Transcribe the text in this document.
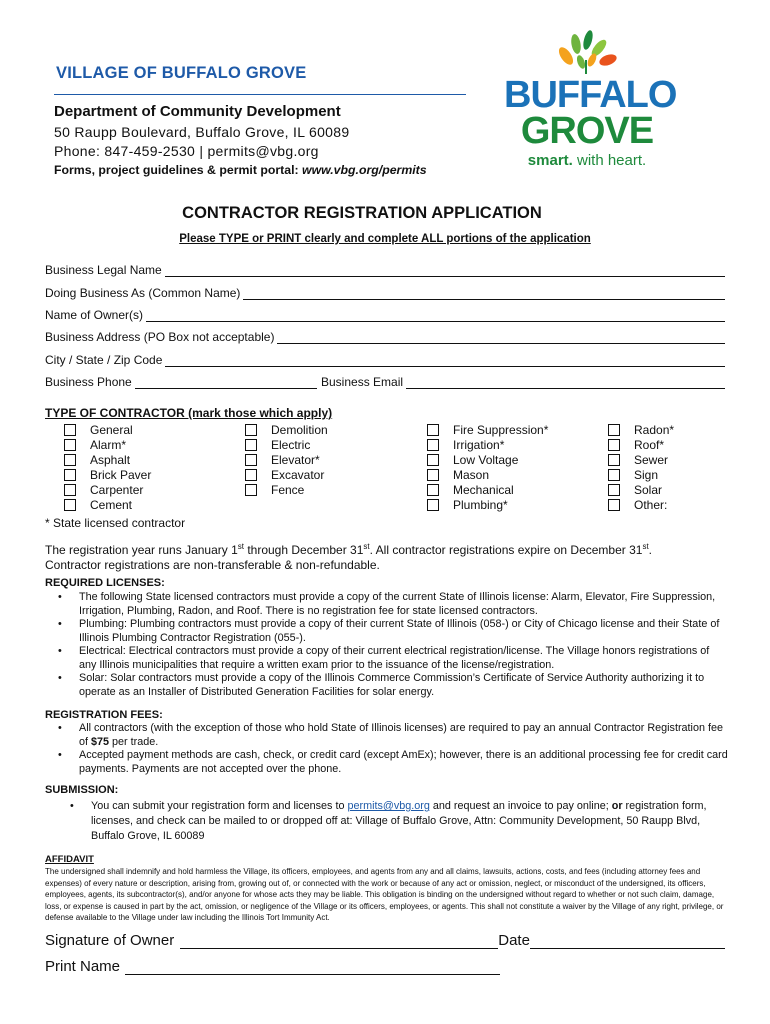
VILLAGE OF BUFFALO GROVE
Department of Community Development
50 Raupp Boulevard, Buffalo Grove, IL 60089
Phone: 847-459-2530 | permits@vbg.org
Forms, project guidelines & permit portal: www.vbg.org/permits
BUFFALO
GROVE
smart. with heart.
CONTRACTOR REGISTRATION APPLICATION
Please TYPE or PRINT clearly and complete ALL portions of the application
Business Legal Name
Doing Business As (Common Name)
Name of Owner(s)
Business Address (PO Box not acceptable)
City / State / Zip Code
Business Phone	Business Email
TYPE OF CONTRACTOR (mark those which apply)
General
Alarm*
Asphalt
Brick Paver
Carpenter
Cement
Demolition
Electric
Elevator*
Excavator
Fence
Fire Suppression*
Irrigation*
Low Voltage
Mason
Mechanical
Plumbing*
Radon*
Roof*
Sewer
Sign
Solar
Other:
* State licensed contractor
The registration year runs January 1st through December 31st. All contractor registrations expire on December 31st.
Contractor registrations are non-transferable & non-refundable.
REQUIRED LICENSES:
• The following State licensed contractors must provide a copy of the current State of Illinois license: Alarm, Elevator, Fire Suppression, Irrigation, Plumbing, Radon, and Roof. There is no registration fee for state licensed contractors.
• Plumbing: Plumbing contractors must provide a copy of their current State of Illinois (058-) or City of Chicago license and their State of Illinois Plumbing Contractor Registration (055-).
• Electrical: Electrical contractors must provide a copy of their current electrical registration/license. The Village honors registrations of any Illinois municipalities that require a written exam prior to the issuance of the license/registration.
• Solar: Solar contractors must provide a copy of the Illinois Commerce Commission’s Certificate of Service Authority authorizing it to operate as an Installer of Distributed Generation Facilities for solar energy.
REGISTRATION FEES:
• All contractors (with the exception of those who hold State of Illinois licenses) are required to pay an annual Contractor Registration fee of $75 per trade.
• Accepted payment methods are cash, check, or credit card (except AmEx); however, there is an additional processing fee for credit card payments. Payments are not accepted over the phone.
SUBMISSION:
• You can submit your registration form and licenses to permits@vbg.org and request an invoice to pay online; or registration form, licenses, and check can be mailed to or dropped off at: Village of Buffalo Grove, Attn: Community Development, 50 Raupp Blvd, Buffalo Grove, IL 60089
AFFIDAVIT
The undersigned shall indemnify and hold harmless the Village, its officers, employees, and agents from any and all claims, lawsuits, actions, costs, and fees (including attorney fees and expenses) of every nature or description, arising from, growing out of, or connected with the work or because of any act or omission, neglect, or misconduct of the undersigned, its officers, employees, agents, its subcontractor(s), and/or anyone for whose acts they may be liable. This obligation is binding on the undersigned without regard to whether or not such claim, damage, loss, or expense is caused in part by the act, omission, or negligence of the Village or its officers, employees, or agents. This shall not constitute a waiver by the Village of any right, privilege, or defense available to the Village under law including the Illinois Tort Immunity Act.
Signature of Owner	Date
Print Name
